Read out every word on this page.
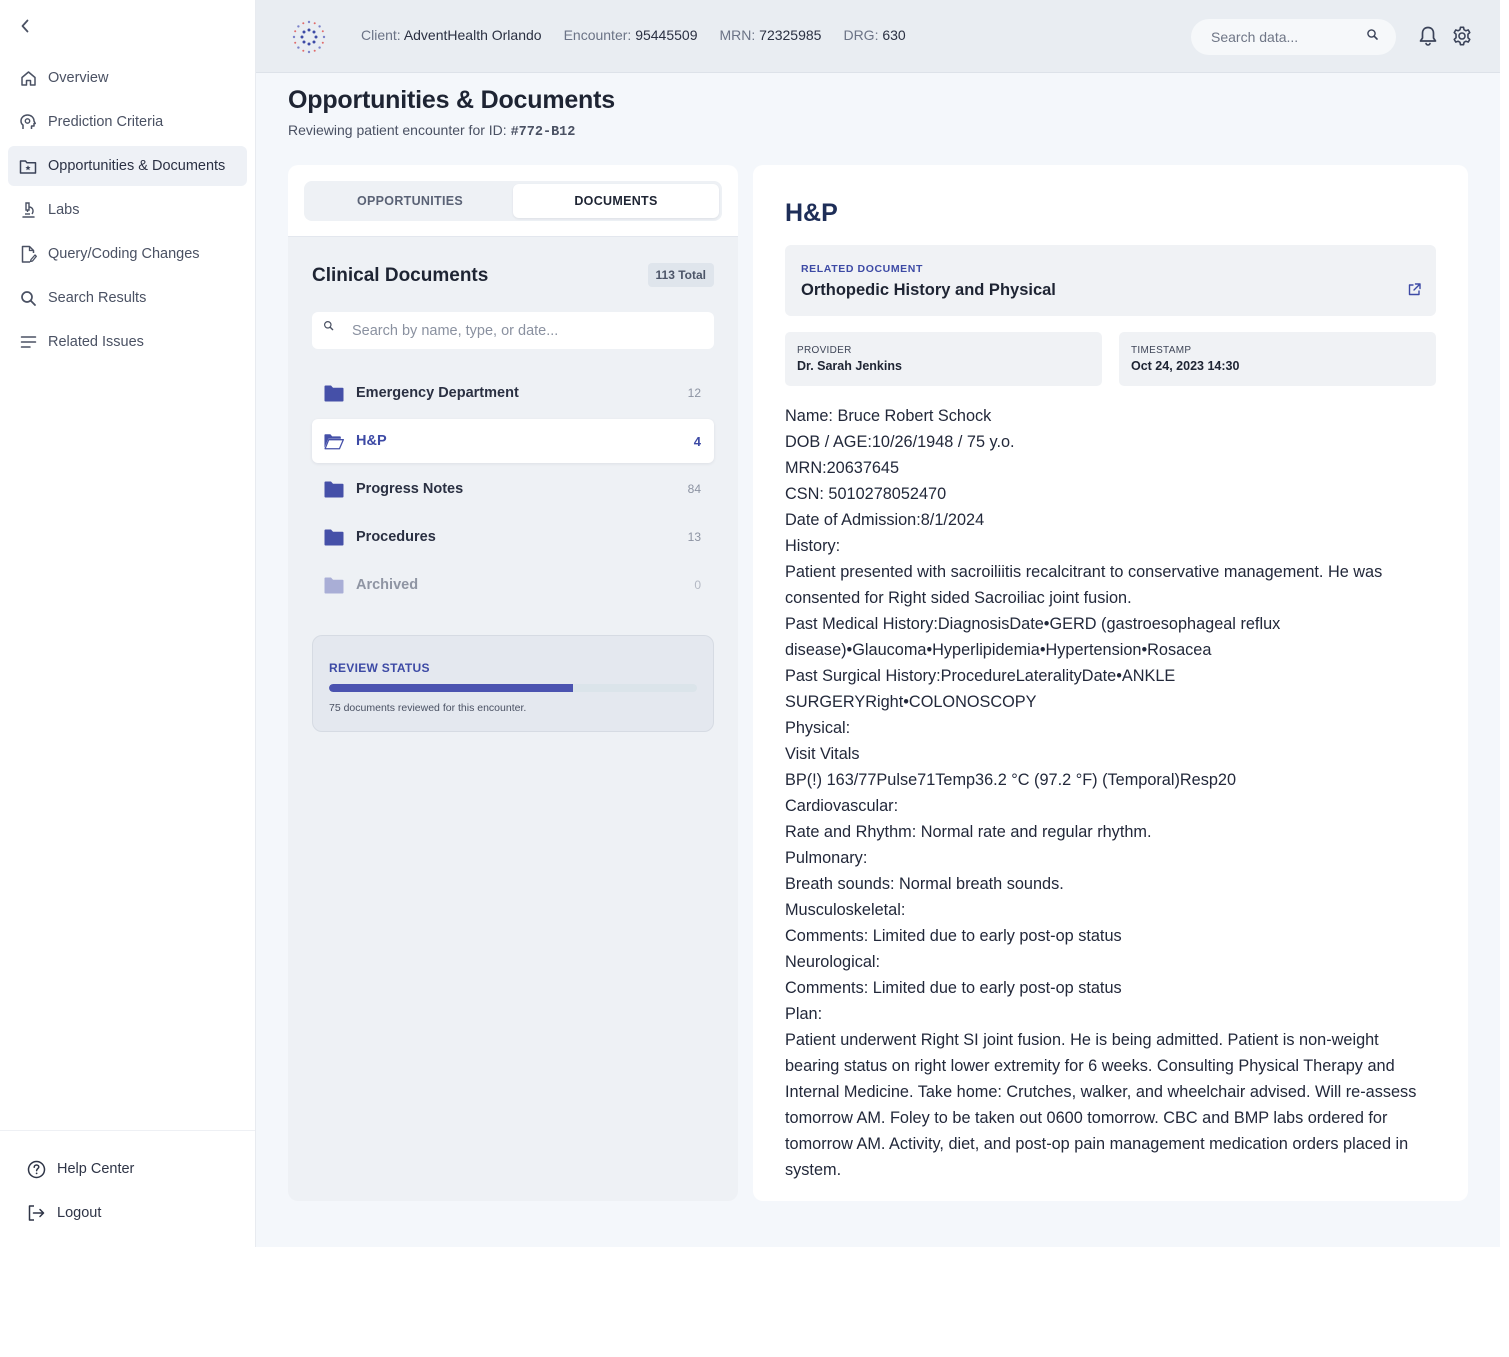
Overview
Prediction Criteria
Opportunities & Documents
Labs
Query/Coding Changes
Search Results
Related Issues
Help Center
Logout
Client: AdventHealth Orlando Encounter: 95445509 MRN: 72325985 DRG: 630
Search data...
Opportunities & Documents
Reviewing patient encounter for ID: #772-B12
OPPORTUNITIES	DOCUMENTS
Clinical Documents	113 Total
Search by name, type, or date...
Emergency Department	12
H&P	4
Progress Notes	84
Procedures	13
Archived	0
REVIEW STATUS
75 documents reviewed for this encounter.
H&P
RELATED DOCUMENT
Orthopedic History and Physical
PROVIDER
Dr. Sarah Jenkins
TIMESTAMP
Oct 24, 2023 14:30

Name: Bruce Robert Schock

DOB / AGE:10/26/1948 / 75 y.o.

MRN:20637645

CSN: 5010278052470

Date of Admission:8/1/2024

History:

Patient presented with sacroiliitis recalcitrant to conservative management. He was consented for Right sided Sacroiliac joint fusion.

Past Medical History:DiagnosisDate•GERD (gastroesophageal reflux disease)•Glaucoma•Hyperlipidemia•Hypertension•Rosacea

Past Surgical History:ProcedureLateralityDate•ANKLE SURGERYRight•COLONOSCOPY

Physical:

Visit Vitals

BP(!) 163/77Pulse71Temp36.2 °C (97.2 °F) (Temporal)Resp20

Cardiovascular:

Rate and Rhythm: Normal rate and regular rhythm.

Pulmonary:

Breath sounds: Normal breath sounds.

Musculoskeletal:

Comments: Limited due to early post-op status

Neurological:

Comments: Limited due to early post-op status

Plan:

Patient underwent Right SI joint fusion. He is being admitted. Patient is non-weight bearing status on right lower extremity for 6 weeks. Consulting Physical Therapy and Internal Medicine. Take home: Crutches, walker, and wheelchair advised. Will re-assess tomorrow AM. Foley to be taken out 0600 tomorrow. CBC and BMP labs ordered for tomorrow AM. Activity, diet, and post-op pain management medication orders placed in system.
